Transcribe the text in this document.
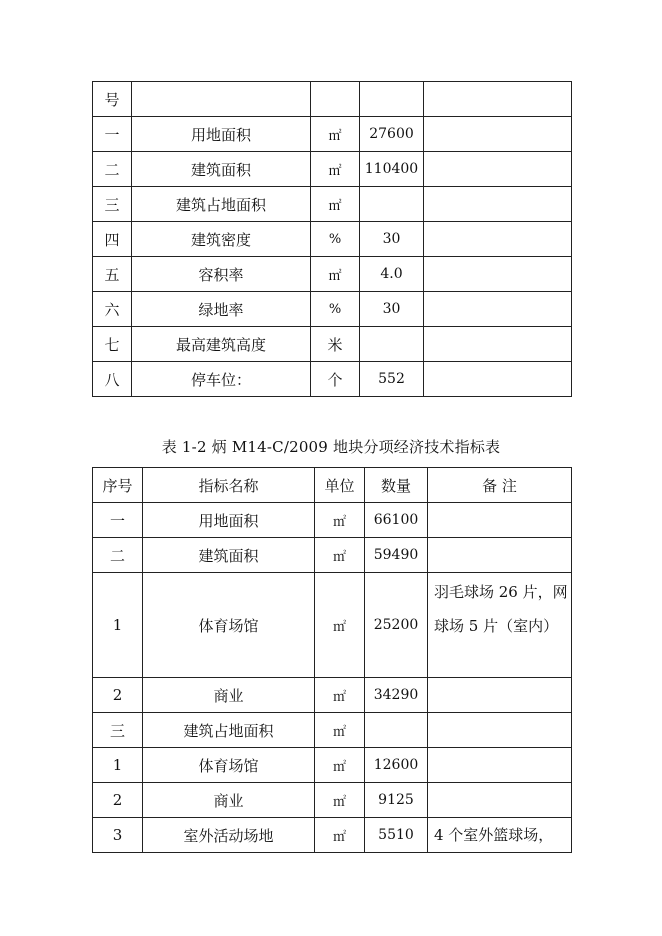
号				
一	用地面积	㎡	27600	
二	建筑面积	㎡	110400	
三	建筑占地面积	㎡		
四	建筑密度	%	30	
五	容积率	㎡	4.0	
六	绿地率	%	30	
七	最高建筑高度	米		
八	停车位：	个	552	
表 1-2 炳 M14-C/2009 地块分项经济技术指标表
序号	指标名称	单位	数量	备 注
一	用地面积	㎡	66100	
二	建筑面积	㎡	59490	
1	体育场馆	㎡	25200	羽毛球场 26 片，网球场 5 片（室内）
2	商业	㎡	34290	
三	建筑占地面积	㎡		
1	体育场馆	㎡	12600	
2	商业	㎡	9125	
3	室外活动场地	㎡	5510	4 个室外篮球场，
